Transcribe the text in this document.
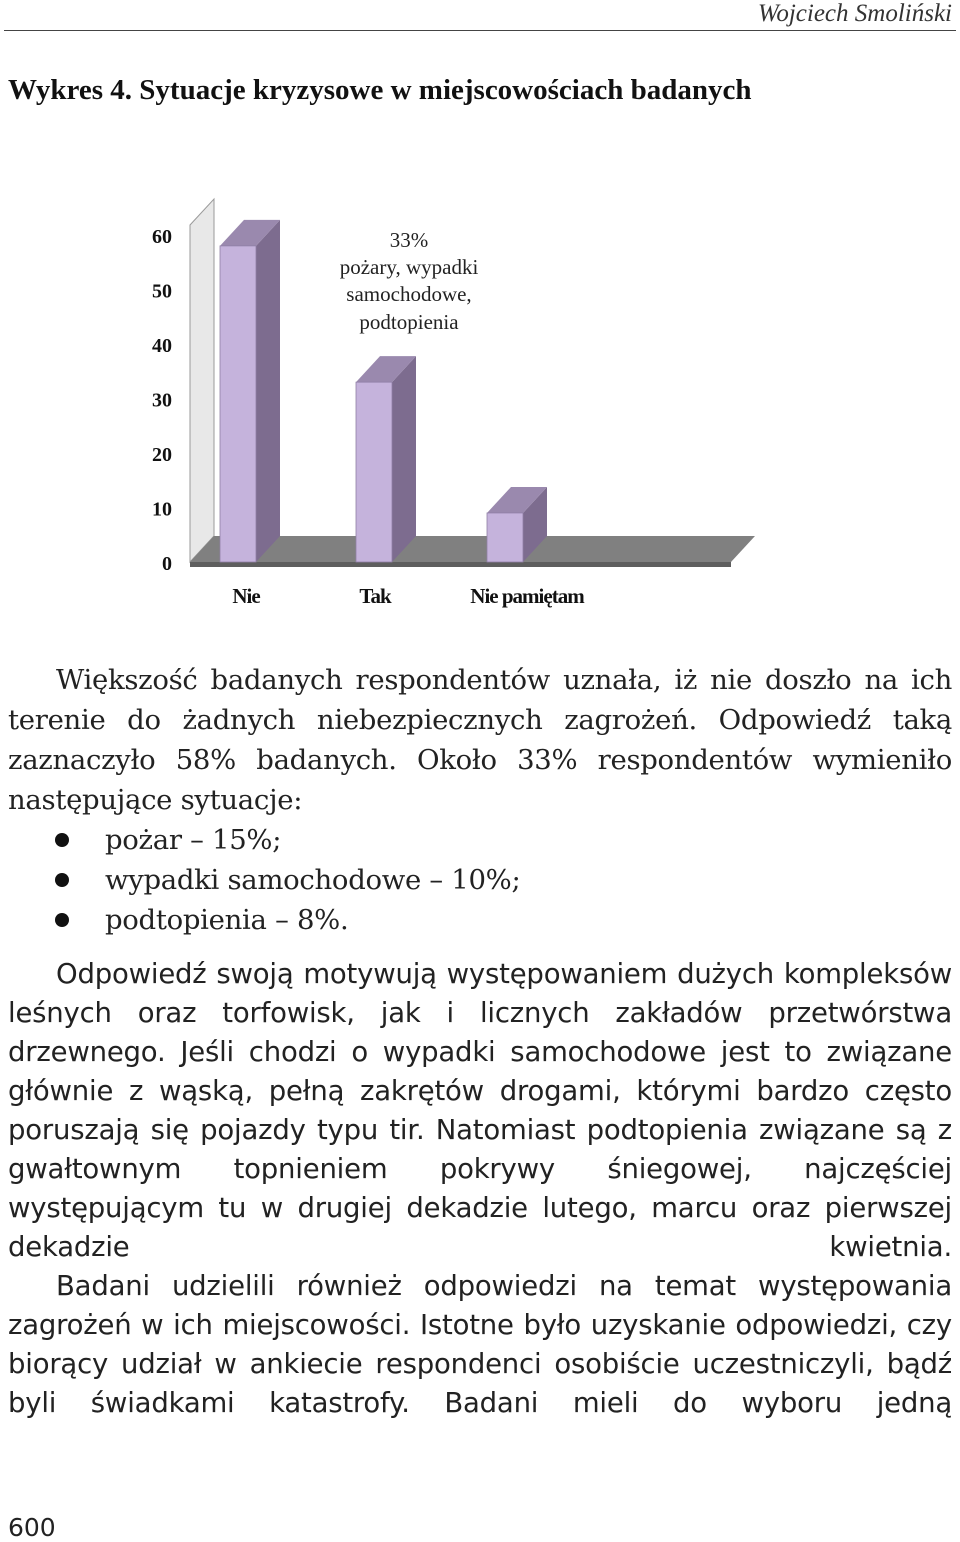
Wojciech Smoliński
Wykres 4. Sytuacje kryzysowe w miejscowościach badanych
0
10
20
30
40
50
60
Nie	Tak	Nie pamiętam
33%
pożary, wypadki
samochodowe,
podtopienia

Większość badanych respondentów uznała, iż nie doszło na ich terenie do żadnych niebezpiecznych zagrożeń. Odpowiedź taką zaznaczyło 58% badanych. Około 33% respondentów wymieniło następujące sytuacje:

pożar – 15%;
wypadki samochodowe – 10%;
podtopienia – 8%.

Odpowiedź swoją motywują występowaniem dużych kompleksów leśnych oraz torfowisk, jak i licznych zakładów przetwórstwa drzewnego. Jeśli chodzi o wypadki samochodowe jest to związane głównie z wąską, pełną zakrętów drogami, którymi bardzo często poruszają się pojazdy typu tir. Natomiast podtopienia związane są z gwałtownym topnieniem pokrywy śniegowej, najczęściej występującym tu w drugiej dekadzie lutego, marcu oraz pierwszej dekadzie kwietnia.
Badani udzielili również odpowiedzi na temat występowania zagrożeń w ich miejscowości. Istotne było uzyskanie odpowiedzi, czy biorący udział w ankiecie respondenci osobiście uczestniczyli, bądź byli świadkami katastrofy. Badani mieli do wyboru jedną

600
